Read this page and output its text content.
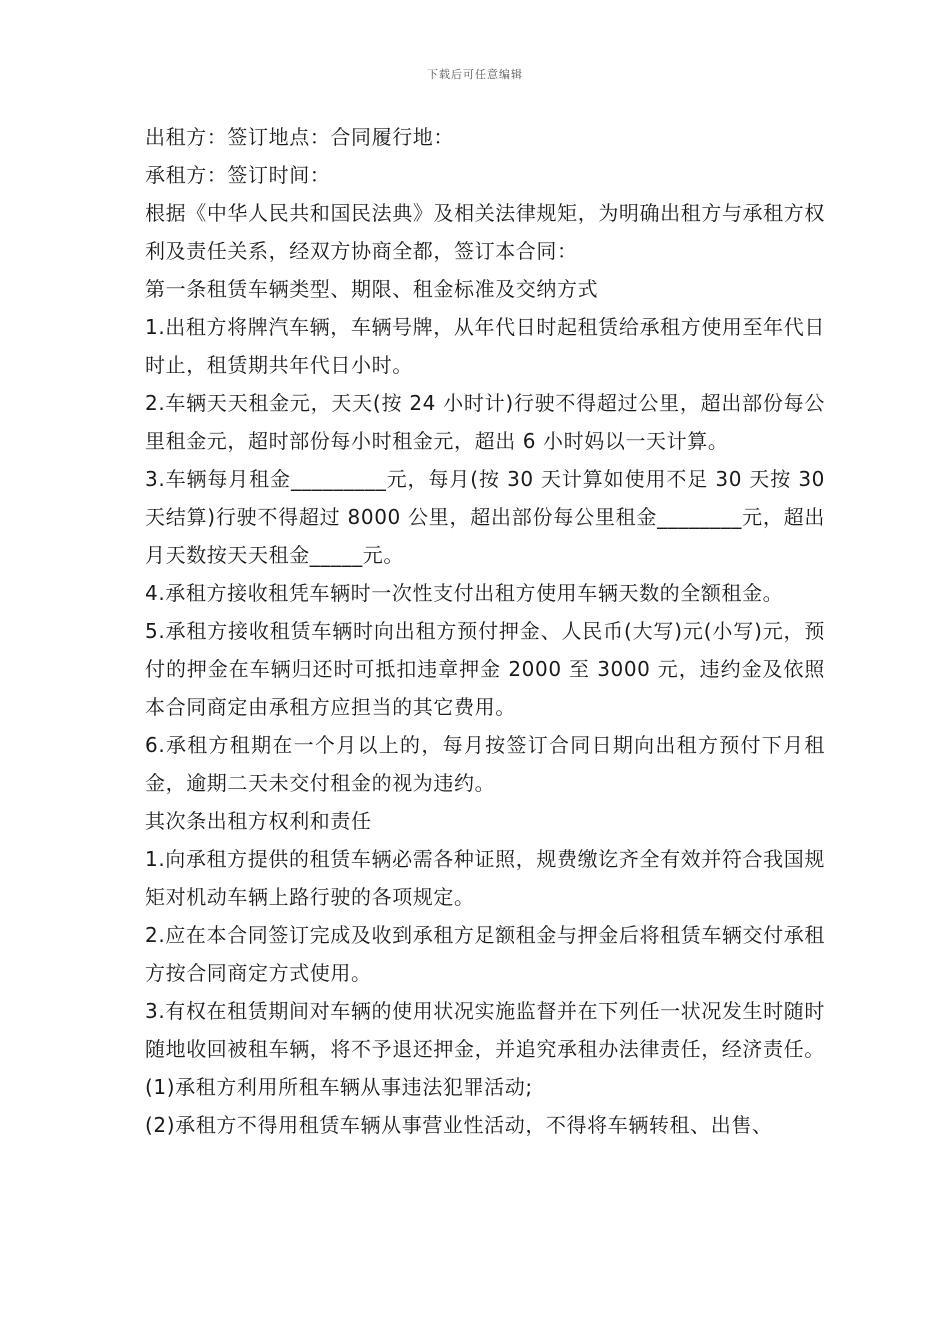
下载后可任意编辑

出租方：签订地点：合同履行地：

承租方：签订时间：

根据《中华人民共和国民法典》及相关法律规矩，为明确出租方与承租方权利及责任关系，经双方协商全都，签订本合同：

第一条租赁车辆类型、期限、租金标准及交纳方式

1.出租方将牌汽车辆，车辆号牌，从年代日时起租赁给承租方使用至年代日时止，租赁期共年代日小时。

2.车辆天天租金元，天天(按 24 小时计)行驶不得超过公里，超出部份每公里租金元，超时部份每小时租金元，超出 6 小时妈以一天计算。

3.车辆每月租金_________元，每月(按 30 天计算如使用不足 30 天按 30 天结算)行驶不得超过 8000 公里，超出部份每公里租金________元，超出月天数按天天租金_____元。

4.承租方接收租凭车辆时一次性支付出租方使用车辆天数的全额租金。

5.承租方接收租赁车辆时向出租方预付押金、人民币(大写)元(小写)元，预付的押金在车辆归还时可抵扣违章押金 2000 至 3000 元，违约金及依照本合同商定由承租方应担当的其它费用。

6.承租方租期在一个月以上的，每月按签订合同日期向出租方预付下月租金，逾期二天未交付租金的视为违约。

其次条出租方权利和责任

1.向承租方提供的租赁车辆必需各种证照，规费缴讫齐全有效并符合我国规矩对机动车辆上路行驶的各项规定。

2.应在本合同签订完成及收到承租方足额租金与押金后将租赁车辆交付承租方按合同商定方式使用。

3.有权在租赁期间对车辆的使用状况实施监督并在下列任一状况发生时随时随地收回被租车辆，将不予退还押金，并追究承租办法律责任，经济责任。

(1)承租方利用所租车辆从事违法犯罪活动;

(2)承租方不得用租赁车辆从事营业性活动，不得将车辆转租、出售、
